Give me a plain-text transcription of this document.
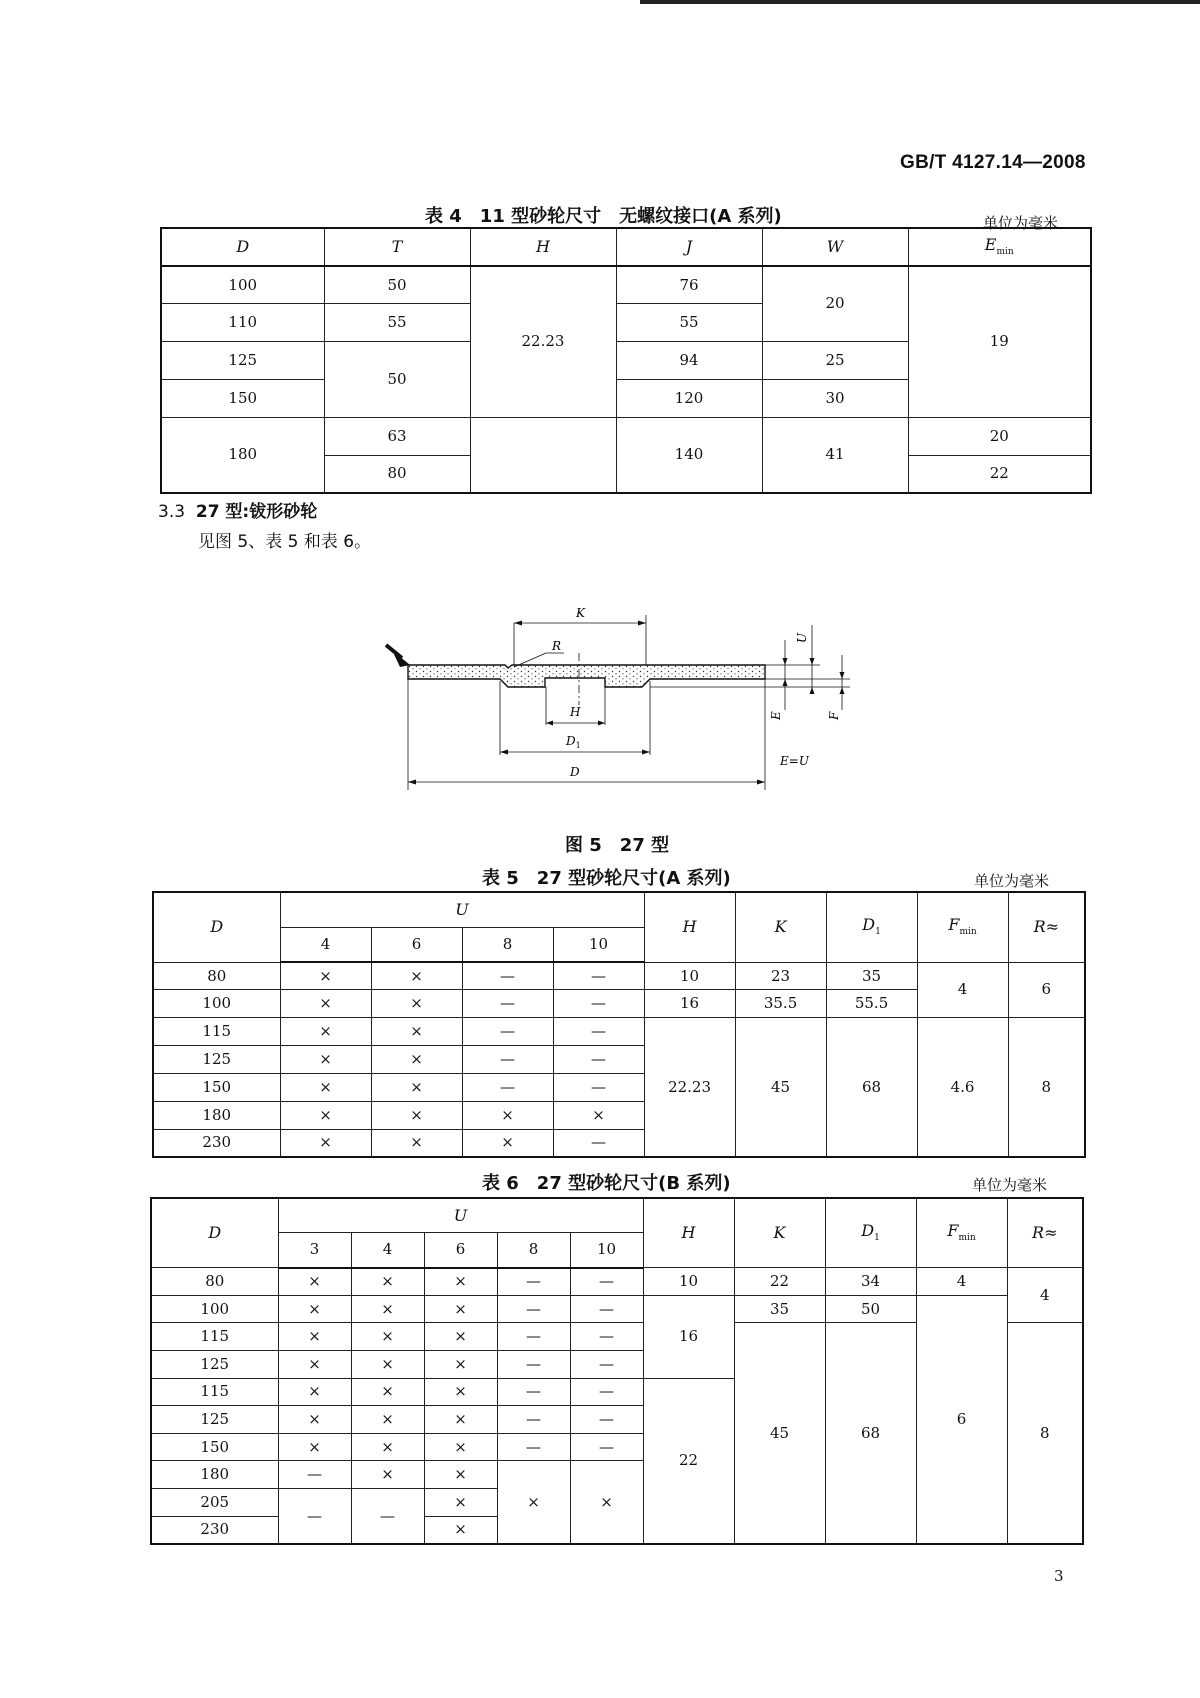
GB/T 4127.14—2008
表 4　11 型砂轮尺寸　无螺纹接口(A 系列)	单位为毫米
D	T	H	J	W	$E_{min}$
100	50	22.23	76	20	19
110	55		55		
125	50		94	25	
150			120	30	
180	63		140	41	20
	80				22
3.3 27 型:钹形砂轮
见图 5、表 5 和表 6。
K
R
H
$D_1$
D
U
E	F
E=U
图 5　27 型
表 5　27 型砂轮尺寸(A 系列)	单位为毫米
D	U				H	K	$D_1$	$F_{min}$	R≈
	4	6	8	10					
80	×	×	—	—	10	23	35	4	6
100	×	×	—	—	16	35.5	55.5		
115	×	×	—	—	22.23	45	68	4.6	8
125	×	×	—	—					
150	×	×	—	—					
180	×	×	×	×					
230	×	×	×	—					
表 6　27 型砂轮尺寸(B 系列)	单位为毫米
D	U					H	K	$D_1$	$F_{min}$	R≈
	3	4	6	8	10					
80	×	×	×	—	—	10	22	34	4	4
100	×	×	×	—	—	16	35	50	6	
115	×	×	×	—	—		45	68		8
125	×	×	×	—	—					
115	×	×	×	—	—	22				
125	×	×	×	—	—					
150	×	×	×	—	—					
180	—	×	×	×	×					
205	—	—	×							
230			×							
3
